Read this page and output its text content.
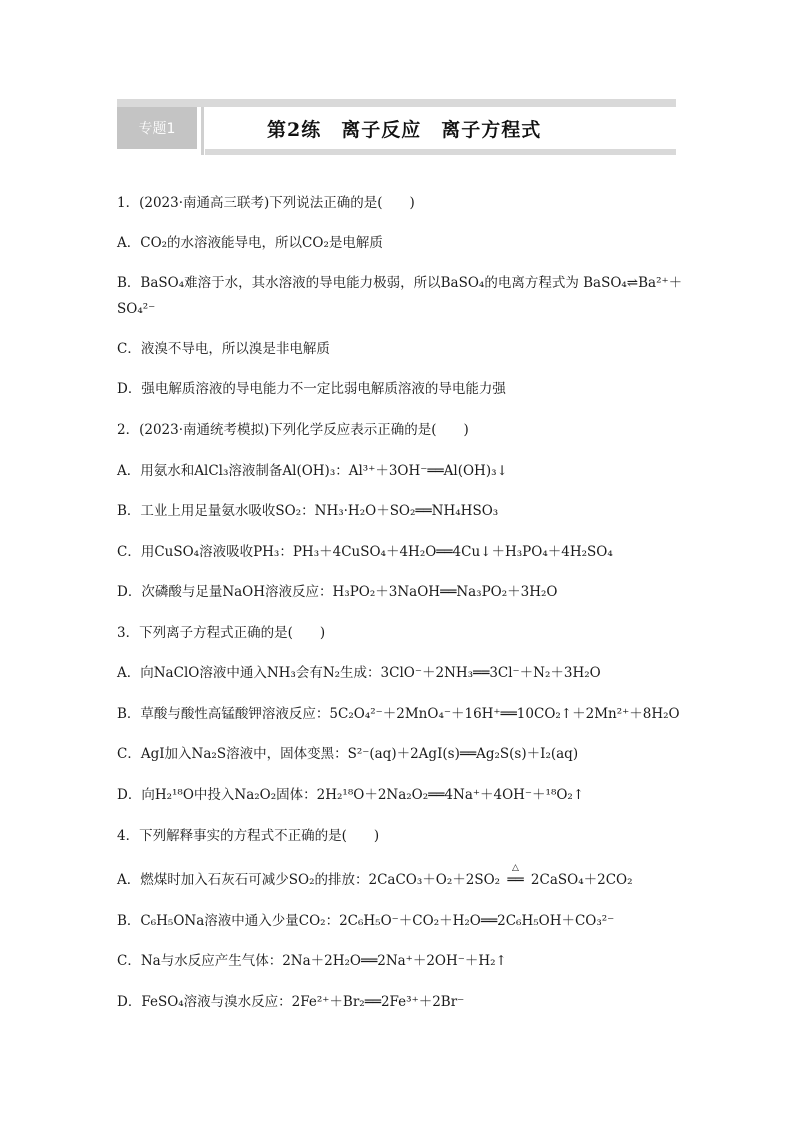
专题1	第2练　离子反应　离子方程式
1．(2023·南通高三联考)下列说法正确的是(　　)
A．CO₂的水溶液能导电，所以CO₂是电解质
B．BaSO₄难溶于水，其水溶液的导电能力极弱，所以BaSO₄的电离方程式为 BaSO₄⇌Ba²⁺＋
SO₄²⁻
C．液溴不导电，所以溴是非电解质
D．强电解质溶液的导电能力不一定比弱电解质溶液的导电能力强
2．(2023·南通统考模拟)下列化学反应表示正确的是(　　)
A．用氨水和AlCl₃溶液制备Al(OH)₃：Al³⁺＋3OH⁻══Al(OH)₃↓
B．工业上用足量氨水吸收SO₂：NH₃·H₂O＋SO₂══NH₄HSO₃
C．用CuSO₄溶液吸收PH₃：PH₃＋4CuSO₄＋4H₂O══4Cu↓＋H₃PO₄＋4H₂SO₄
D．次磷酸与足量NaOH溶液反应：H₃PO₂＋3NaOH══Na₃PO₂＋3H₂O
3．下列离子方程式正确的是(　　)
A．向NaClO溶液中通入NH₃会有N₂生成：3ClO⁻＋2NH₃══3Cl⁻＋N₂＋3H₂O
B．草酸与酸性高锰酸钾溶液反应：5C₂O₄²⁻＋2MnO₄⁻＋16H⁺══10CO₂↑＋2Mn²⁺＋8H₂O
C．AgI加入Na₂S溶液中，固体变黑：S²⁻(aq)＋2AgI(s)══Ag₂S(s)＋I₂(aq)
D．向H₂¹⁸O中投入Na₂O₂固体：2H₂¹⁸O＋2Na₂O₂══4Na⁺＋4OH⁻＋¹⁸O₂↑
4．下列解释事实的方程式不正确的是(　　)
A．燃煤时加入石灰石可减少SO₂的排放：2CaCO₃＋O₂＋2SO₂
△
══ 2CaSO₄＋2CO₂
B．C₆H₅ONa溶液中通入少量CO₂：2C₆H₅O⁻＋CO₂＋H₂O══2C₆H₅OH＋CO₃²⁻
C．Na与水反应产生气体：2Na＋2H₂O══2Na⁺＋2OH⁻＋H₂↑
D．FeSO₄溶液与溴水反应：2Fe²⁺＋Br₂══2Fe³⁺＋2Br⁻
